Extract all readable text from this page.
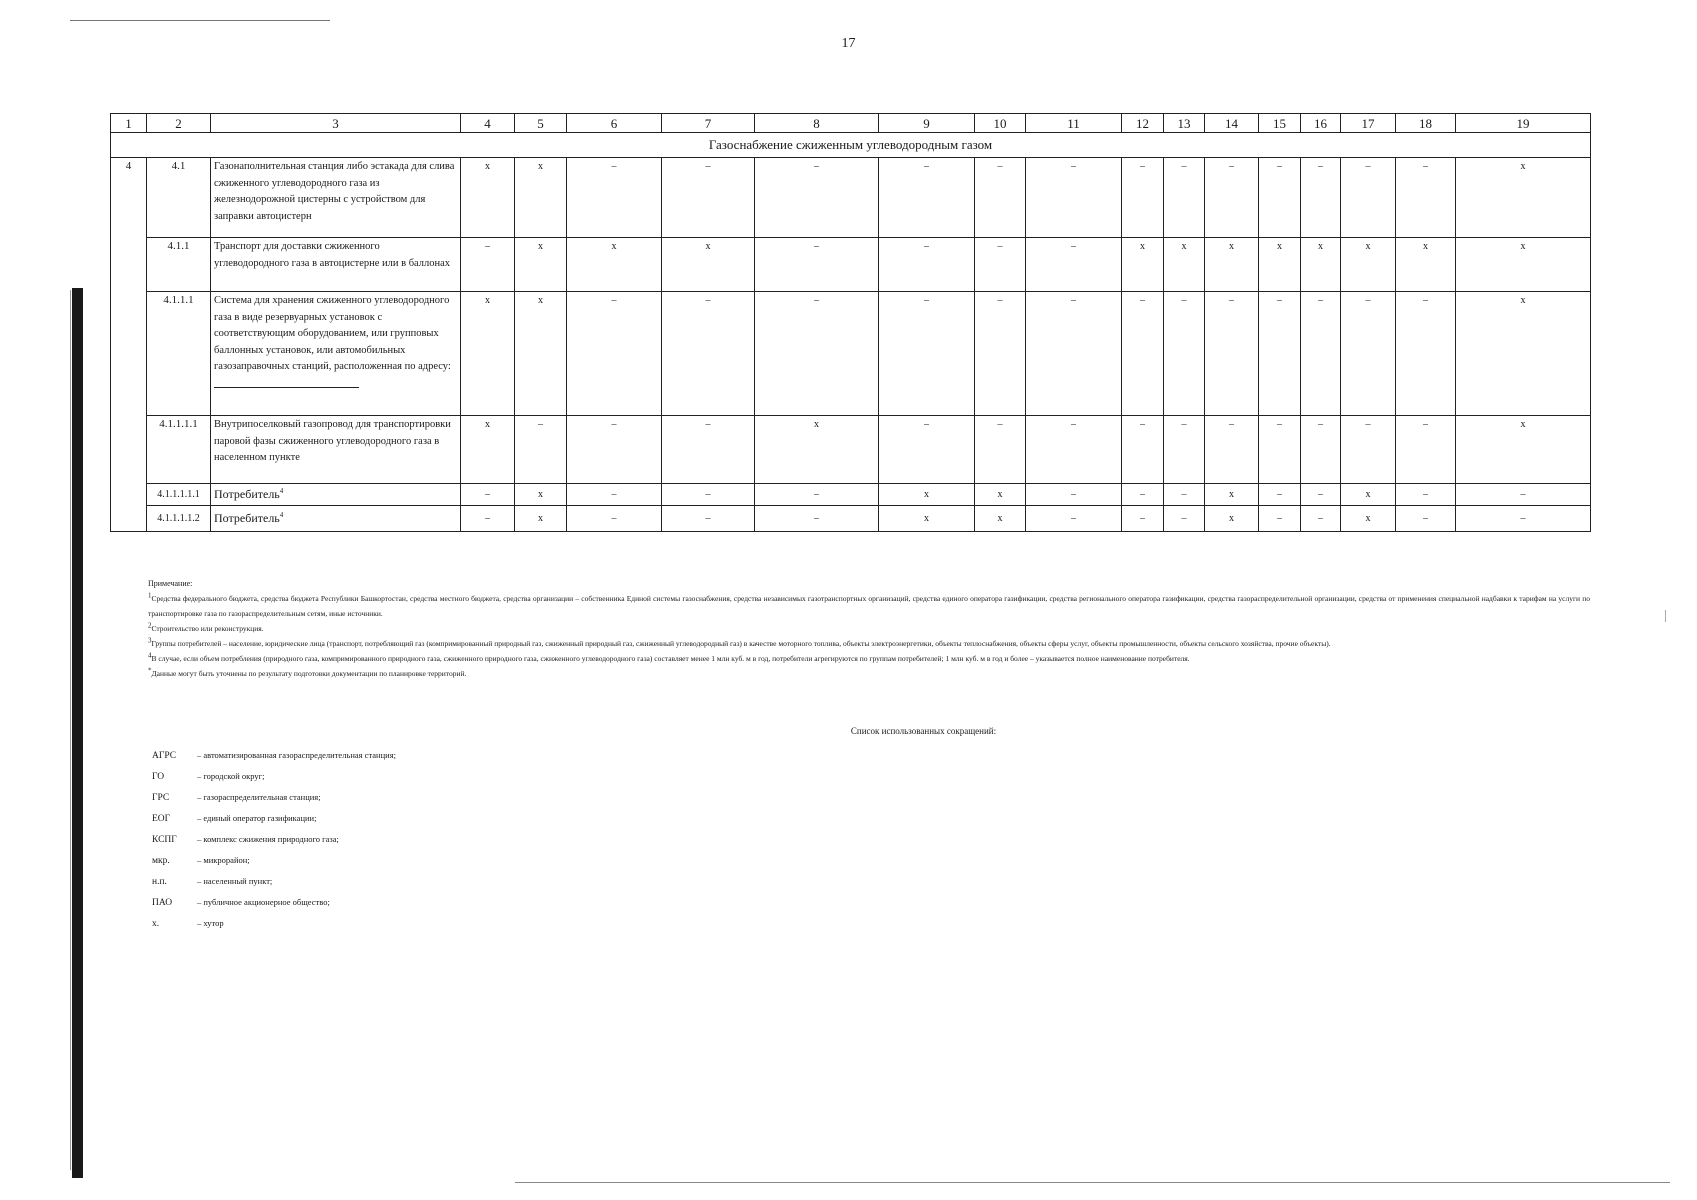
17
1	2	3	4	5	6	7	8	9	10	11	12	13	14	15	16	17	18	19
Газоснабжение сжиженным углеводородным газом																		
4	4.1	Газонаполнительная станция либо эстакада для слива сжиженного углеводородного газа из железнодорожной цистерны с устройством для заправки автоцистерн	x	x	–	–	–	–	–	–	–	–	–	–	–	–	–	x
	4.1.1	Транспорт для доставки сжиженного углеводородного газа в автоцистерне или в баллонах	–	x	x	x	–	–	–	–	x	x	x	x	x	x	x	x
	4.1.1.1	Система для хранения сжиженного углеводородного газа в виде резервуарных установок с соответствующим оборудованием, или групповых баллонных установок, или автомобильных газозаправочных станций, расположенная по адресу:	x	x	–	–	–	–	–	–	–	–	–	–	–	–	–	x
	4.1.1.1.1	Внутрипоселковый газопровод для транспортировки паровой фазы сжиженного углеводородного газа в населенном пункте	x	–	–	–	x	–	–	–	–	–	–	–	–	–	–	x
	4.1.1.1.1.1	Потребитель$^4$	–	x	–	–	–	x	x	–	–	–	x	–	–	x	–	–
	4.1.1.1.1.2	Потребитель$^4$	–	x	–	–	–	x	x	–	–	–	x	–	–	x	–	–

Примечание:

1Средства федерального бюджета, средства бюджета Республики Башкортостан, средства местного бюджета, средства организации – собственника Единой системы газоснабжения, средства независимых газотранспортных организаций, средства единого оператора газификации, средства регионального оператора газификации, средства газораспределительной организации, средства от применения специальной надбавки к тарифам на услуги по транспортировке газа по газораспределительным сетям, иные источники.

2Строительство или реконструкция.

3Группы потребителей – население, юридические лица (транспорт, потребляющий газ (компримированный природный газ, сжиженный природный газ, сжиженный углеводородный газ) в качестве моторного топлива, объекты электроэнергетики, объекты теплоснабжения, объекты сферы услуг, объекты промышленности, объекты сельского хозяйства, прочие объекты).

4В случае, если объем потребления (природного газа, компримированного природного газа, сжиженного природного газа, сжиженного углеводородного газа) составляет менее 1 млн куб. м в год, потребители агрегируются по группам потребителей; 1 млн куб. м в год и более – указывается полное наименование потребителя.

*Данные могут быть уточнены по результату подготовки документации по планировке территорий.

Список использованных сокращений:
АГРС – автоматизированная газораспределительная станция;
ГО	– городской округ;
ГРС	– газораспределительная станция;
ЕОГ	– единый оператор газификации;
КСПГ – комплекс сжижения природного газа;
мкр.	– микрорайон;
н.п.	– населенный пункт;
ПАО	– публичное акционерное общество;
х.	– хутор
